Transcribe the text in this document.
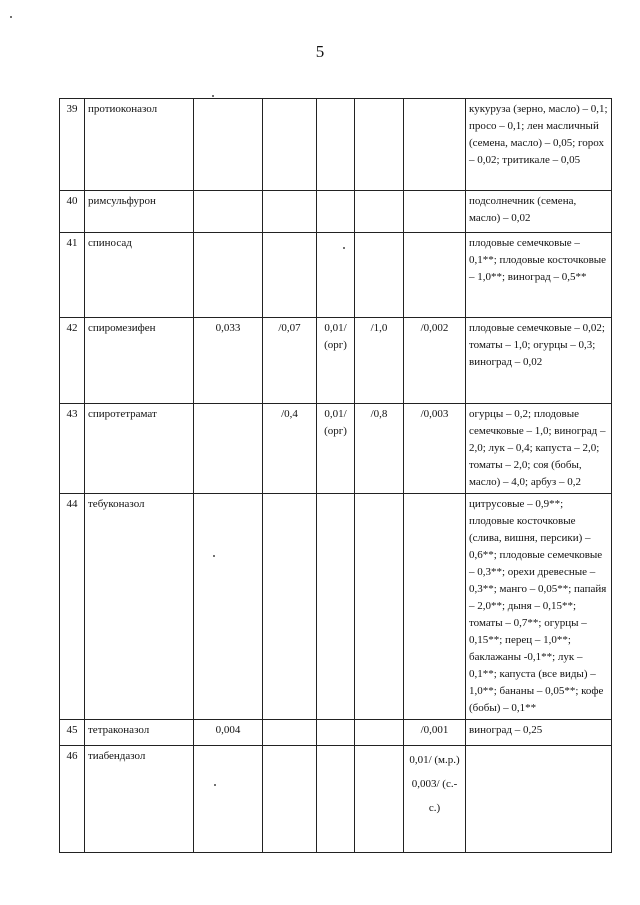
5
39	протиоконазол						кукуруза (зерно, масло) – 0,1; просо – 0,1; лен масличный (семена, масло) – 0,05; горох – 0,02; тритикале – 0,05
40	римсульфурон						подсолнечник (семена, масло) – 0,02
41	спиносад						плодовые семечковые – 0,1**; плодовые косточковые – 1,0**; виноград – 0,5**
42	спиромезифен	0,033	/0,07	0,01/ (орг)	/1,0	/0,002	плодовые семечковые – 0,02; томаты – 1,0; огурцы – 0,3; виноград – 0,02
43	спиротетрамат		/0,4	0,01/ (орг)	/0,8	/0,003	огурцы – 0,2; плодовые семечковые – 1,0; виноград – 2,0; лук – 0,4; капуста – 2,0; томаты – 2,0; соя (бобы, масло) – 4,0; арбуз – 0,2
44	тебуконазол						цитрусовые – 0,9**; плодовые косточковые (слива, вишня, персики) – 0,6**; плодовые семечковые – 0,3**; орехи древесные – 0,3**; манго – 0,05**; папайя – 2,0**; дыня – 0,15**; томаты – 0,7**; огурцы – 0,15**; перец – 1,0**; баклажаны -0,1**; лук – 0,1**; капуста (все виды) – 1,0**; бананы – 0,05**; кофе (бобы) – 0,1**
45	тетраконазол	0,004				/0,001	виноград – 0,25
46	тиабендазол					0,01/ (м.р.) 0,003/ (с.-с.)	
